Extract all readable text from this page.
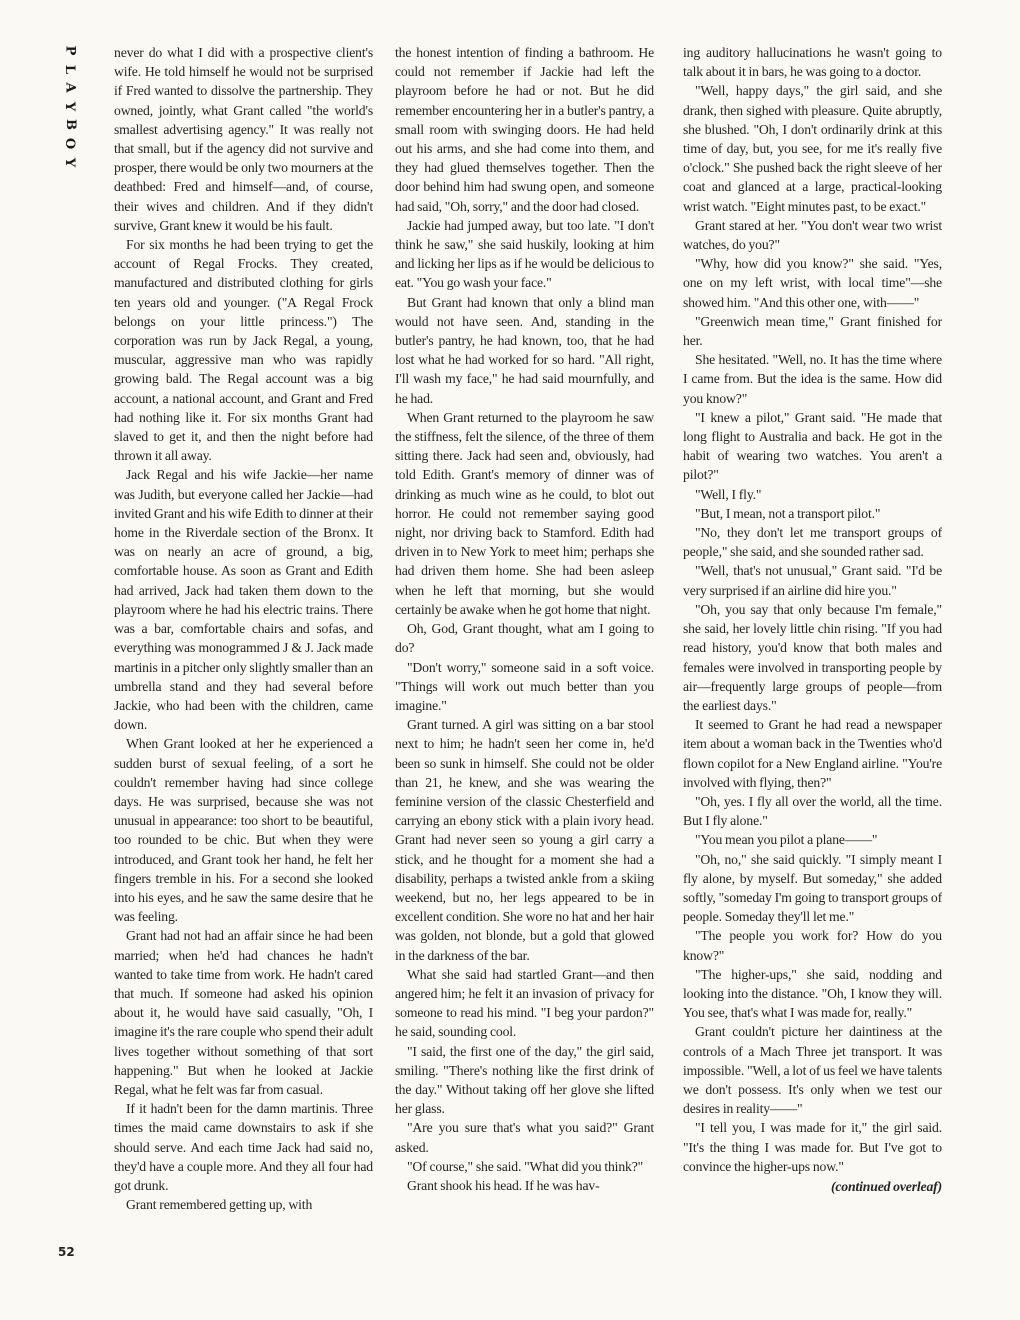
P
L
A
Y
B
O
Y
52

never do what I did with a prospective client's wife. He told himself he would not be surprised if Fred wanted to dissolve the partnership. They owned, jointly, what Grant called "the world's smallest advertising agency." It was really not that small, but if the agency did not survive and prosper, there would be only two mourners at the deathbed: Fred and himself—and, of course, their wives and children. And if they didn't survive, Grant knew it would be his fault.

For six months he had been trying to get the account of Regal Frocks. They created, manufactured and distributed clothing for girls ten years old and younger. ("A Regal Frock belongs on your little princess.") The corporation was run by Jack Regal, a young, muscular, aggressive man who was rapidly growing bald. The Regal account was a big account, a national account, and Grant and Fred had nothing like it. For six months Grant had slaved to get it, and then the night before had thrown it all away.

Jack Regal and his wife Jackie—her name was Judith, but everyone called her Jackie—had invited Grant and his wife Edith to dinner at their home in the Riverdale section of the Bronx. It was on nearly an acre of ground, a big, comfortable house. As soon as Grant and Edith had arrived, Jack had taken them down to the playroom where he had his electric trains. There was a bar, comfortable chairs and sofas, and everything was monogrammed J & J. Jack made martinis in a pitcher only slightly smaller than an umbrella stand and they had several before Jackie, who had been with the children, came down.

When Grant looked at her he experienced a sudden burst of sexual feeling, of a sort he couldn't remember having had since college days. He was surprised, because she was not unusual in appearance: too short to be beautiful, too rounded to be chic. But when they were introduced, and Grant took her hand, he felt her fingers tremble in his. For a second she looked into his eyes, and he saw the same desire that he was feeling.

Grant had not had an affair since he had been married; when he'd had chances he hadn't wanted to take time from work. He hadn't cared that much. If someone had asked his opinion about it, he would have said casually, "Oh, I imagine it's the rare couple who spend their adult lives together without something of that sort happening." But when he looked at Jackie Regal, what he felt was far from casual.

If it hadn't been for the damn martinis. Three times the maid came downstairs to ask if she should serve. And each time Jack had said no, they'd have a couple more. And they all four had got drunk.

Grant remembered getting up, with

the honest intention of finding a bathroom. He could not remember if Jackie had left the playroom before he had or not. But he did remember encountering her in a butler's pantry, a small room with swinging doors. He had held out his arms, and she had come into them, and they had glued themselves together. Then the door behind him had swung open, and someone had said, "Oh, sorry," and the door had closed.

Jackie had jumped away, but too late. "I don't think he saw," she said huskily, looking at him and licking her lips as if he would be delicious to eat. "You go wash your face."

But Grant had known that only a blind man would not have seen. And, standing in the butler's pantry, he had known, too, that he had lost what he had worked for so hard. "All right, I'll wash my face," he had said mournfully, and he had.

When Grant returned to the playroom he saw the stiffness, felt the silence, of the three of them sitting there. Jack had seen and, obviously, had told Edith. Grant's memory of dinner was of drinking as much wine as he could, to blot out horror. He could not remember saying good night, nor driving back to Stamford. Edith had driven in to New York to meet him; perhaps she had driven them home. She had been asleep when he left that morning, but she would certainly be awake when he got home that night.

Oh, God, Grant thought, what am I going to do?

"Don't worry," someone said in a soft voice. "Things will work out much better than you imagine."

Grant turned. A girl was sitting on a bar stool next to him; he hadn't seen her come in, he'd been so sunk in himself. She could not be older than 21, he knew, and she was wearing the feminine version of the classic Chesterfield and carrying an ebony stick with a plain ivory head. Grant had never seen so young a girl carry a stick, and he thought for a moment she had a disability, perhaps a twisted ankle from a skiing weekend, but no, her legs appeared to be in excellent condition. She wore no hat and her hair was golden, not blonde, but a gold that glowed in the darkness of the bar.

What she said had startled Grant—and then angered him; he felt it an invasion of privacy for someone to read his mind. "I beg your pardon?" he said, sounding cool.

"I said, the first one of the day," the girl said, smiling. "There's nothing like the first drink of the day." Without taking off her glove she lifted her glass.

"Are you sure that's what you said?" Grant asked.

"Of course," she said. "What did you think?"

Grant shook his head. If he was hav-

ing auditory hallucinations he wasn't going to talk about it in bars, he was going to a doctor.

"Well, happy days," the girl said, and she drank, then sighed with pleasure. Quite abruptly, she blushed. "Oh, I don't ordinarily drink at this time of day, but, you see, for me it's really five o'clock." She pushed back the right sleeve of her coat and glanced at a large, practical-looking wrist watch. "Eight minutes past, to be exact."

Grant stared at her. "You don't wear two wrist watches, do you?"

"Why, how did you know?" she said. "Yes, one on my left wrist, with local time"—she showed him. "And this other one, with——"

"Greenwich mean time," Grant finished for her.

She hesitated. "Well, no. It has the time where I came from. But the idea is the same. How did you know?"

"I knew a pilot," Grant said. "He made that long flight to Australia and back. He got in the habit of wearing two watches. You aren't a pilot?"

"Well, I fly."

"But, I mean, not a transport pilot."

"No, they don't let me transport groups of people," she said, and she sounded rather sad.

"Well, that's not unusual," Grant said. "I'd be very surprised if an airline did hire you."

"Oh, you say that only because I'm female," she said, her lovely little chin rising. "If you had read history, you'd know that both males and females were involved in transporting people by air—frequently large groups of people—from the earliest days."

It seemed to Grant he had read a newspaper item about a woman back in the Twenties who'd flown copilot for a New England airline. "You're involved with flying, then?"

"Oh, yes. I fly all over the world, all the time. But I fly alone."

"You mean you pilot a plane——"

"Oh, no," she said quickly. "I simply meant I fly alone, by myself. But someday," she added softly, "someday I'm going to transport groups of people. Someday they'll let me."

"The people you work for? How do you know?"

"The higher-ups," she said, nodding and looking into the distance. "Oh, I know they will. You see, that's what I was made for, really."

Grant couldn't picture her daintiness at the controls of a Mach Three jet transport. It was impossible. "Well, a lot of us feel we have talents we don't possess. It's only when we test our desires in reality——"

"I tell you, I was made for it," the girl said. "It's the thing I was made for. But I've got to convince the higher-ups now."

(continued overleaf)
